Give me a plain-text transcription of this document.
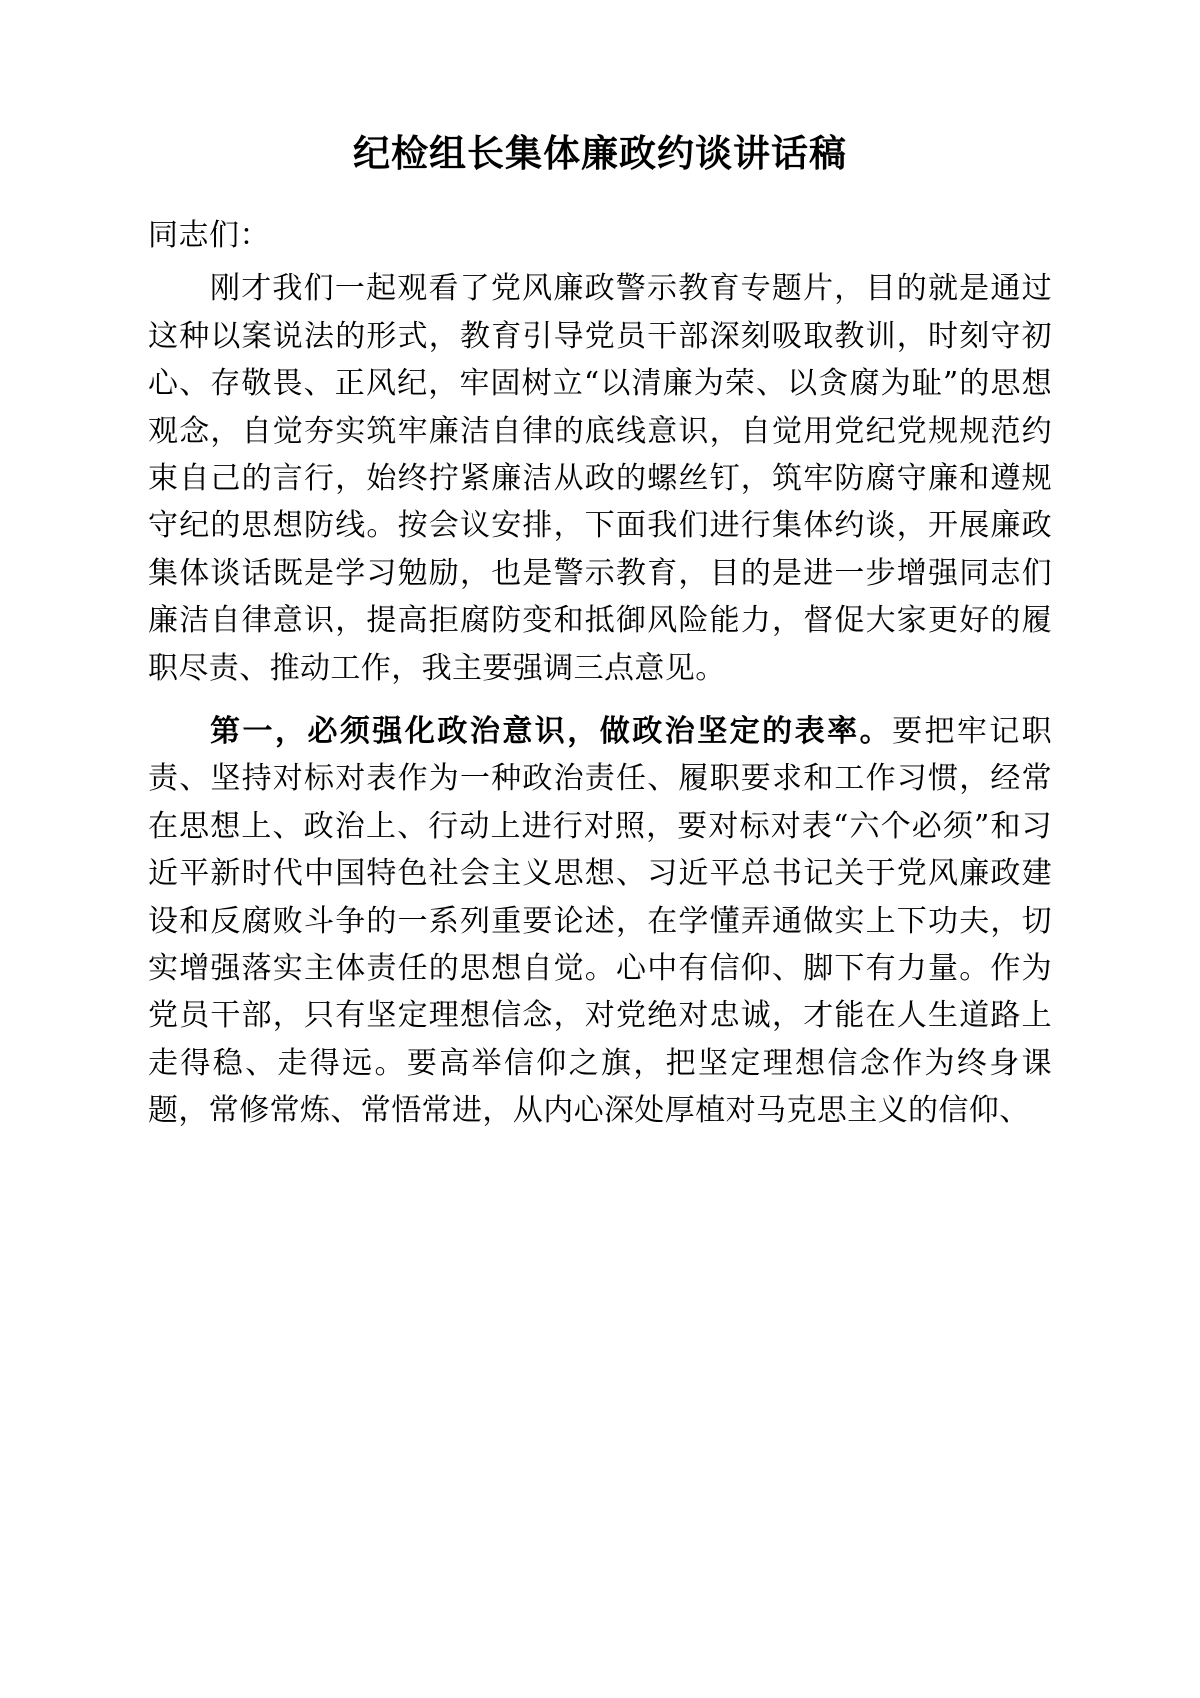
纪检组长集体廉政约谈讲话稿
同志们：

刚才我们一起观看了党风廉政警示教育专题片，目的就是通过这种以案说法的形式，教育引导党员干部深刻吸取教训，时刻守初心、存敬畏、正风纪，牢固树立“以清廉为荣、以贪腐为耻”的思想观念，自觉夯实筑牢廉洁自律的底线意识，自觉用党纪党规规范约束自己的言行，始终拧紧廉洁从政的螺丝钉，筑牢防腐守廉和遵规守纪的思想防线。按会议安排，下面我们进行集体约谈，开展廉政集体谈话既是学习勉励，也是警示教育，目的是进一步增强同志们廉洁自律意识，提高拒腐防变和抵御风险能力，督促大家更好的履职尽责、推动工作，我主要强调三点意见。

第一，必须强化政治意识，做政治坚定的表率。要把牢记职责、坚持对标对表作为一种政治责任、履职要求和工作习惯，经常在思想上、政治上、行动上进行对照，要对标对表“六个必须”和习近平新时代中国特色社会主义思想、习近平总书记关于党风廉政建设和反腐败斗争的一系列重要论述，在学懂弄通做实上下功夫，切实增强落实主体责任的思想自觉。心中有信仰、脚下有力量。作为党员干部，只有坚定理想信念，对党绝对忠诚，才能在人生道路上走得稳、走得远。要高举信仰之旗，把坚定理想信念作为终身课题，常修常炼、常悟常进，从内心深处厚植对马克思主义的信仰、
